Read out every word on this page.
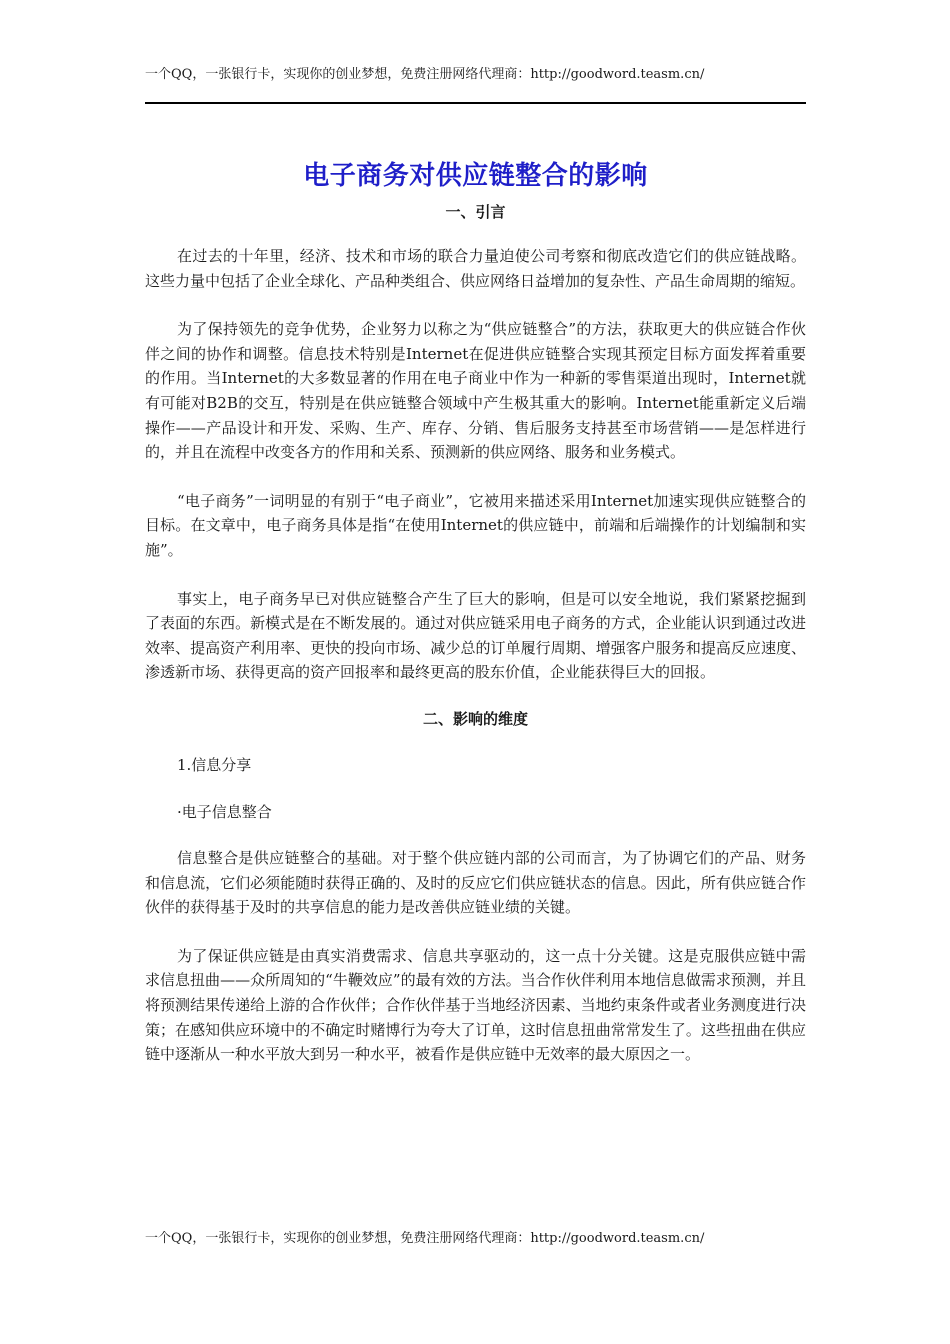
一个QQ，一张银行卡，实现你的创业梦想，免费注册网络代理商：http://goodword.teasm.cn/
电子商务对供应链整合的影响
一、引言

在过去的十年里，经济、技术和市场的联合力量迫使公司考察和彻底改造它们的供应链战略。这些力量中包括了企业全球化、产品种类组合、供应网络日益增加的复杂性、产品生命周期的缩短。

为了保持领先的竞争优势，企业努力以称之为“供应链整合”的方法，获取更大的供应链合作伙伴之间的协作和调整。信息技术特别是Internet在促进供应链整合实现其预定目标方面发挥着重要的作用。当Internet的大多数显著的作用在电子商业中作为一种新的零售渠道出现时，Internet就有可能对B2B的交互，特别是在供应链整合领域中产生极其重大的影响。Internet能重新定义后端操作——产品设计和开发、采购、生产、库存、分销、售后服务支持甚至市场营销——是怎样进行的，并且在流程中改变各方的作用和关系、预测新的供应网络、服务和业务模式。

“电子商务”一词明显的有别于“电子商业”，它被用来描述采用Internet加速实现供应链整合的目标。在文章中，电子商务具体是指“在使用Internet的供应链中，前端和后端操作的计划编制和实施”。

事实上，电子商务早已对供应链整合产生了巨大的影响，但是可以安全地说，我们紧紧挖掘到了表面的东西。新模式是在不断发展的。通过对供应链采用电子商务的方式，企业能认识到通过改进效率、提高资产利用率、更快的投向市场、减少总的订单履行周期、增强客户服务和提高反应速度、渗透新市场、获得更高的资产回报率和最终更高的股东价值，企业能获得巨大的回报。

二、影响的维度

1.信息分享

·电子信息整合

信息整合是供应链整合的基础。对于整个供应链内部的公司而言，为了协调它们的产品、财务和信息流，它们必须能随时获得正确的、及时的反应它们供应链状态的信息。因此，所有供应链合作伙伴的获得基于及时的共享信息的能力是改善供应链业绩的关键。

为了保证供应链是由真实消费需求、信息共享驱动的，这一点十分关键。这是克服供应链中需求信息扭曲——众所周知的“牛鞭效应”的最有效的方法。当合作伙伴利用本地信息做需求预测，并且将预测结果传递给上游的合作伙伴；合作伙伴基于当地经济因素、当地约束条件或者业务测度进行决策；在感知供应环境中的不确定时赌博行为夸大了订单，这时信息扭曲常常发生了。这些扭曲在供应链中逐渐从一种水平放大到另一种水平，被看作是供应链中无效率的最大原因之一。

一个QQ，一张银行卡，实现你的创业梦想，免费注册网络代理商：http://goodword.teasm.cn/
